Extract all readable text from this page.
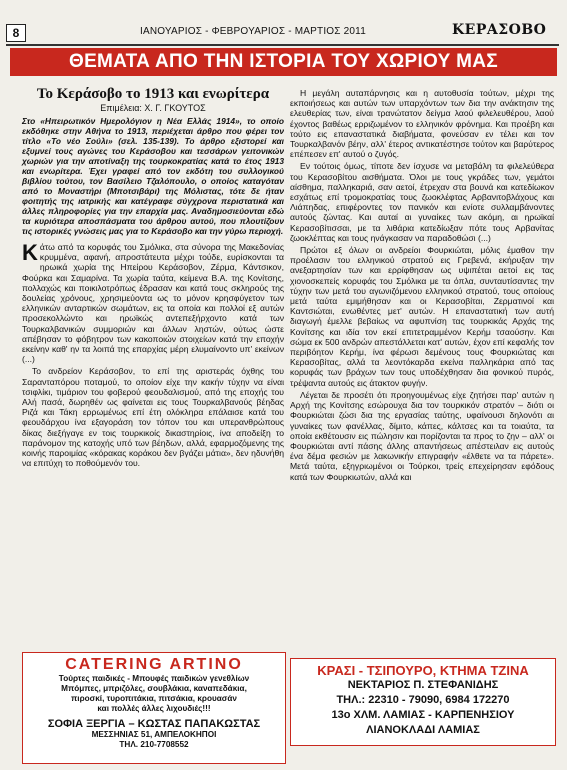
8	ΙΑΝΟΥΑΡΙΟΣ - ΦΕΒΡΟΥΑΡΙΟΣ - ΜΑΡΤΙΟΣ 2011	ΚΕΡΑΣΟΒΟ
ΘΕΜΑΤΑ ΑΠΟ ΤΗΝ ΙΣΤΟΡΙΑ ΤΟΥ ΧΩΡΙΟΥ ΜΑΣ
Το Κεράσοβο το 1913 και ενωρίτερα
Επιμέλεια: Χ. Γ. ΓΚΟΥΤΟΣ

Στο «Ηπειρωτικόν Ημερολόγιον η Νέα Ελλάς 1914», το οποίο εκδόθηκε στην Αθήνα το 1913, περιέχεται άρθρο που φέρει τον τίτλο «Το νέο Σούλι» (σελ. 135-139). Το άρθρο εξιστορεί και εξυμνεί τους αγώνες του Κεράσοβου και τεσσάρων γειτονικών χωριών για την αποτίναξη της τουρκοκρατίας κατά το έτος 1913 και ενωρίτερα. Έχει γραφεί από τον εκδότη του συλλογικού βιβλίου τούτου, τον Βασίλειο Τζαλόπουλο, ο οποίος καταγόταν από το Μοναστήρι (Μποτσιβάρι) της Μόλιστας, τότε δε ήταν φοιτητής της ιατρικής και κατέγραφε σύγχρονα περιστατικά και άλλες πληροφορίες για την επαρχία μας. Αναδημοσιεύονται εδώ τα κυριότερα αποσπάσματα του άρθρου αυτού, που πλουτίζουν τις ιστορικές γνώσεις μας για το Κεράσοβο και την γύρω περιοχή.

Κάτω από τα κορυφάς του Σμόλικα, στα σύνορα της Μακεδονίας κρυμμένα, αφανή, απροστάτευτα μέχρι τούδε, ευρίσκονται τα ηρωικά χωρία της Ηπείρου Κεράσοβον, Ζέρμα, Κάντσικον, Φούρκα και Σαμαρίνα. Τα χωρία ταύτα, κείμενα Β.Α. της Κονίτσης, πολλαχώς και ποικιλοτρόπως έδρασαν και κατά τους σκληρούς της δουλείας χρόνους, χρησιμεύοντα ως το μόνον κρησφύγετον των ελληνικών ανταρτικών σωμάτων, εις τα οποία και πολλοί εξ αυτών προσεκολλώντο και ηρωϊκώς αντεπεξήρχοντο κατά των Τουρκαλβανικών συμμοριών και άλλων ληστών, ούτως ώστε απέβησαν το φόβητρον των κακοποιών στοιχείων κατά την εποχήν εκείνην καθ' ην τα λοιπά της επαρχίας μέρη ελυμαίνοντο υπ' εκείνων (...)

Το ανδρείον Κεράσοβον, το επί της αριστεράς όχθης του Σαρανταπόρου ποταμού, το οποίον είχε την κακήν τύχην να είναι τσιφλίκι, τιμάριον του φοβερού φεουδαλισμού, από της εποχής του Αλή πασά, δωρηθέν ως φαίνεται εις τους Τουρκαλβανούς βέηδας Ριζά και Τάκη ερρωμένως επί έτη ολόκληρα επάλαισε κατά του φεουδάρχου ίνα εξαγοράση τον τόπον του και υπερανθρώπους δίκας διεξήγαγε εν τοις τουρκικοίς δικαστηρίοις, ίνα αποδείξη το παράνομον της κατοχής υπό των βέηδων, αλλά, εφαρμοζόμενης της κοινής παροιμίας «κόρακας κοράκου δεν βγάζει μάτια», δεν ηδυνήθη να επιτύχη το ποθούμενόν του.

Η μεγάλη αυταπάρνησις και η αυτοθυσία τούτων, μέχρι της εκποιήσεως και αυτών των υπαρχόντων των δια την ανάκτησιν της ελευθερίας των, είναι τρανώτατον δείγμα λαού φιλελευθέρου, λαού έχοντος βαθέως ερριζωμένον το ελληνικόν φρόνημα. Και προέβη και τούτο εις επαναστατικά διαβήματα, φονεύσαν εν τέλει και τον Τουρκαλβανόν βέην, αλλ' έτερος αντικατέστησε τούτον και βαρύτερος επέπεσεν επ' αυτού ο ζυγός.

Εν τούτοις όμως, τίποτε δεν ίσχυσε να μεταβάλη τα φιλελεύθερα του Κερασοβίτου αισθήματα. Όλοι με τους γκράδες των, γεμάτοι αίσθημα, παλληκαριά, σαν αετοί, έτρεχαν στα βουνά και κατεδίωκον εσχάτως επί τρομοκρατίας τους ζωοκλέφτας Αρβανιτοβλάχους και Λιάπηδας, επιφέροντες τον πανικόν και ενίοτε συλλαμβάνοντες αυτούς ζώντας. Και αυταί αι γυναίκες των ακόμη, αι ηρωϊκαί Κερασοβίτισσαι, με τα λιθάρια κατεδίωξαν πότε τους Αρβανίτας ζωοκλέπτας και τους ηνάγκασαν να παραδοθώσι (...)

Πρώτοι εξ όλων οι ανδρείοι Φουρκιώται, μόλις έμαθον την προέλασιν του ελληνικού στρατού εις Γρεβενά, εκήρυξαν την ανεξαρτησίαν των και ερρίφθησαν ως υψιπέται αετοί εις τας χιονοσκεπείς κορυφάς του Σμόλικα με τα όπλα, συνταυτίσαντες την τύχην των μετά του αγωνιζόμενου ελληνικού στρατού, τους οποίους μετά ταύτα εμιμήθησαν και οι Κερασοβίται, Ζερματινοί και Καντσιώται, ενωθέντες μετ' αυτών. Η επαναστατική των αυτή διαγωγή έμελλε βεβαίως να αφυπνίση τας τουρκικάς Αρχάς της Κονίτσης και ιδία τον εκεί επιτετραμμένον Κερήμ τσαούσην. Και σώμα εκ 500 ανδρών απεστάλλεται κατ' αυτών, έχον επί κεφαλής τον περιβόητον Κερήμ, ίνα φέρωσι δεμένους τους Φουρκιώτας και Κερασοβίτας, αλλά τα λεοντόκαρδα εκείνα παλληκάρια από τας κορυφάς των βράχων των τους υποδέχθησαν δια φονικού πυρός, τρέψαντα αυτούς εις άτακτον φυγήν.

Λέγεται δε προσέτι ότι προηγουμένως είχε ζητήσει παρ' αυτών η Αρχή της Κονίτσης εσώρουχα δια τον τουρκικόν στρατόν – διότι οι Φουρκιώται ζώσι δια της εργασίας ταύτης, υφαίνουσι δηλονότι αι γυναίκες των φανέλλας, δίμιτο, κάπες, κάλτσες και τα τοιαύτα, τα οποία εκθέτουσιν εις πώλησιν και πορίζονται τα προς το ζην – αλλ' οι Φουρκιώται αντί πάσης άλλης απαντήσεως απέστειλαν εις αυτούς ένα δέμα φεσιών με λακωνικήν επιγραφήν «έλθετε να τα πάρετε». Μετά ταύτα, εξηγριωμένοι οι Τούρκοι, τρείς επεχείρησαν εφόδους κατά των Φουρκιωτών, αλλά και

CATERING ARTINO
Τούρτες παιδικές - Μπουφές παιδικών γενεθλίων
Μπόμπες, μπριζόλες, σουβλάκια, καναπεδάκια,
πιροσκί, τυροπιτάκια, πιτσάκια, κρουασάν
και πολλές άλλες λιχουδιές!!!
ΣΟΦΙΑ ΞΕΡΓΙΑ – ΚΩΣΤΑΣ ΠΑΠΑΚΩΣΤΑΣ
ΜΕΣΣΗΝΙΑΣ 51, ΑΜΠΕΛΟΚΗΠΟΙ
ΤΗΛ. 210-7708552
ΚΡΑΣΙ - ΤΣΙΠΟΥΡΟ, ΚΤΗΜΑ ΤΖΙΝΑ
ΝΕΚΤΑΡΙΟΣ Π. ΣΤΕΦΑΝΙΔΗΣ
ΤΗΛ.: 22310 - 79090, 6984 172270
13ο ΧΛΜ. ΛΑΜΙΑΣ - ΚΑΡΠΕΝΗΣΙΟΥ
ΛΙΑΝΟΚΛΑΔΙ ΛΑΜΙΑΣ
